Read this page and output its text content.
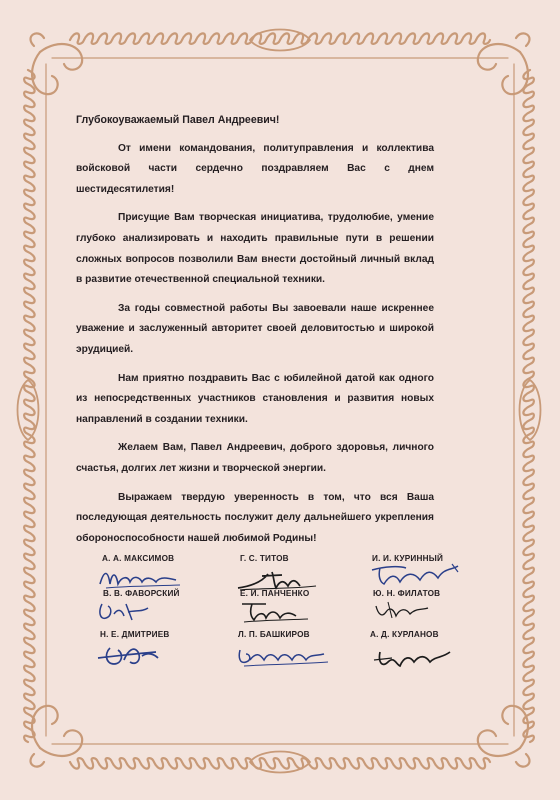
Глубокоуважаемый Павел Андреевич!

От имени командования, политуправления и коллектива войсковой части сердечно поздравляем Вас с днем шестидесятилетия!

Присущие Вам творческая инициатива, трудолюбие, умение глубоко анализировать и находить правильные пути в решении сложных вопросов позволили Вам внести достойный личный вклад в развитие отечественной специальной техники.

За годы совместной работы Вы завоевали наше искреннее уважение и заслуженный авторитет своей деловитостью и широкой эрудицией.

Нам приятно поздравить Вас с юбилейной датой как одного из непосредственных участников становления и развития новых направлений в создании техники.

Желаем Вам, Павел Андреевич, доброго здоровья, личного счастья, долгих лет жизни и творческой энергии.

Выражаем твердую уверенность в том, что вся Ваша последующая деятельность послужит делу дальнейшего укрепления обороноспособности нашей любимой Родины!

А. А. МАКСИМОВ	Г. С. ТИТОВ	И. И. КУРИННЫЙ
В. В. ФАВОРСКИЙ	Е. И. ПАНЧЕНКО	Ю. Н. ФИЛАТОВ
Н. Е. ДМИТРИЕВ	Л. П. БАШКИРОВ	А. Д. КУРЛАНОВ
